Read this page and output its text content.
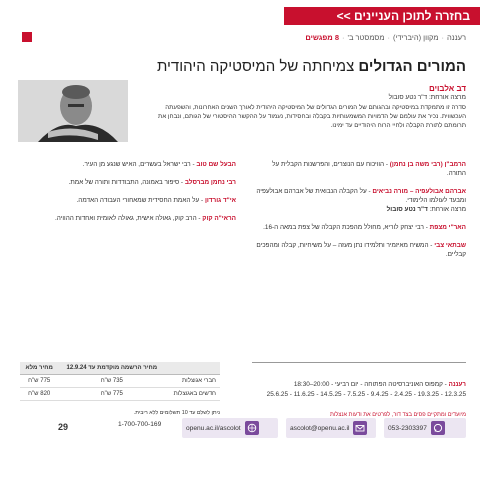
בחזרה לתוכן העניינים >>
רעננה
·
מקוון (היברידי)
·
מסמסטר ב'
·
8 מפגשים
המורים הגדולים צמיחתה של המיסטיקה היהודית
דב אלבוים
מרצה אורחת: ד"ר נטע סובול
סדרה זו מתמקדת במיסטיקה ובהגותם של המורים הגדולים של המיסטיקה היהודית לאורך השנים האחרונות, והשפעתה העכשווית. נכיר את עולמם של הדמויות המשמעותיות בקבלה ובחסידות, נעמוד על ההקשר ההיסטורי של הגותם, ונבחן את תרומתם לתורת הקבלה ולחיי הרוח היהודיים עד ימינו.
הרמב"ן (רבי משה בן נחמן) - הוויכוח עם הנוצרים, והפרשנות הקבלית על התורה.
אברהם אבולעפיה – מורה נביאים - על הקבלה הנבואית של אברהם אבולעפיה ומבעד לעולמו הלימודי.
מרצה אורחת: ד"ר נטע סובול
האר"י מצפת - רבי יצחק לוריא, מחולל מהפכת הקבלה של צפת במאה ה-16.
שבתאי צבי - המשיח מאיזמיר ותלמידו נתן מעזה – על משיחיות, קבלה ומהפכים קבליים.
הבעל שם טוב - רבי ישראל בעשרים, האיש שנגע מן העיר.
רבי נחמן מברסלב - סיפור באמונה, התבודדות ותורה של אמת.
אי"ד גורדון - על האמת החסידית שמאחורי העבודה האדמה.
הראי"ה קוק - הרב קוק, גאולה אישית, גאולה לאומית ואחדות ההוויה.
רעננה - קמפוס האוניברסיטה הפתוחה - יום רביעי - 20:00–18:30
12.3.25 - 19.3.25 - 2.4.25 - 9.4.25 - 7.5.25 - 14.5.25 - 11.6.25 - 25.6.25
	מחיר הרשמה מוקדמת עד 12.9.24	מחיר מלא
חברי אגוצלות	735 ש"ח	775 ש"ח
חדשים באגוצלות	775 ש"ח	820 ש"ח
ניתן לשלם עד 10 תשלומים ללא ריבית.	מיועדים ומתקיים פסים בצד דור, לפרטים את ודעות אנצלות
053-2303397
ascolot@openu.ac.il
openu.ac.il/ascolot
1-700-700-169
29
